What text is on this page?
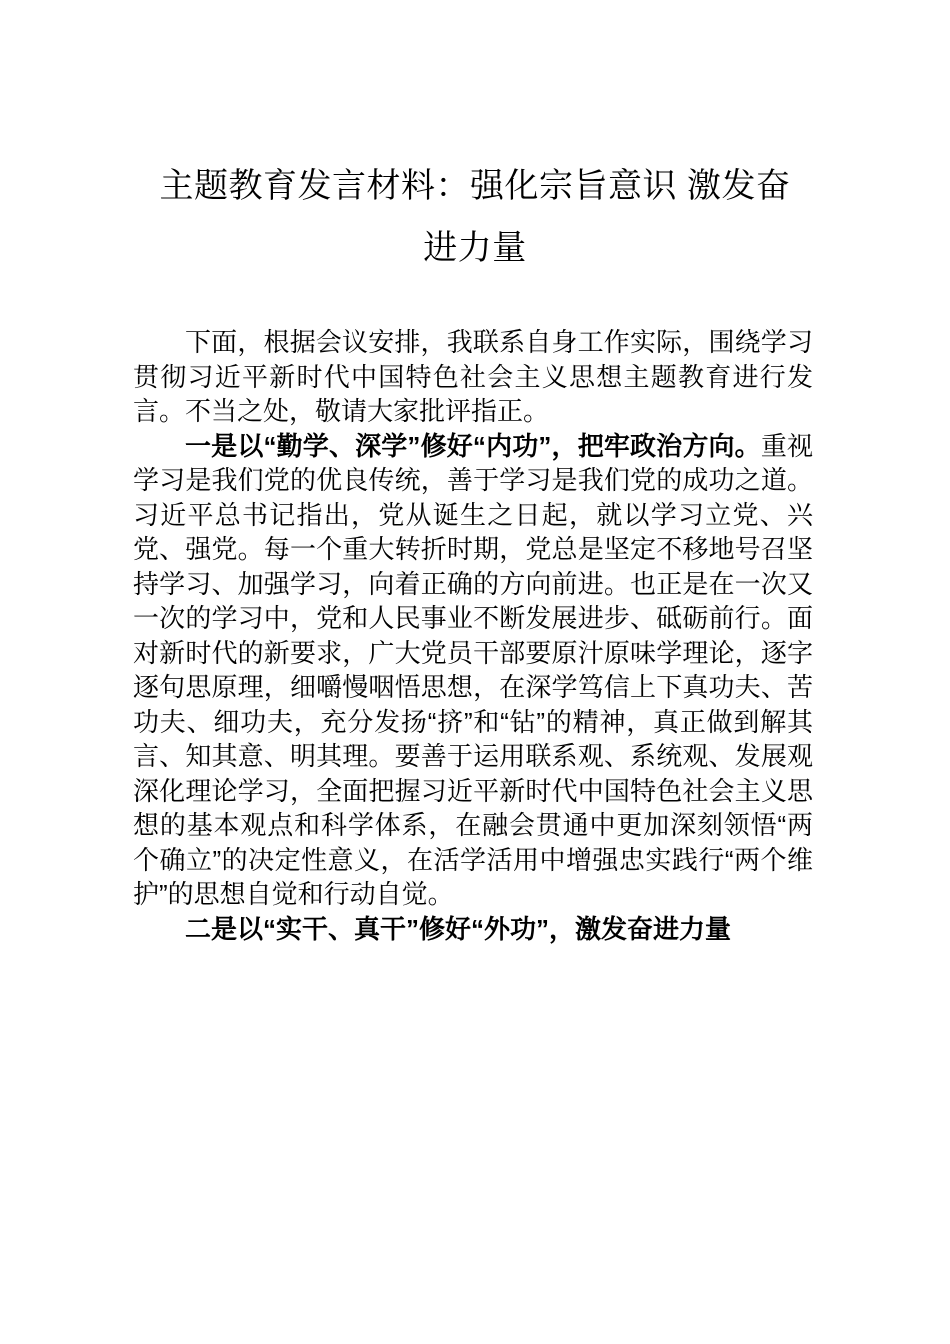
主题教育发言材料：强化宗旨意识 激发奋进力量

下面，根据会议安排，我联系自身工作实际，围绕学习贯彻习近平新时代中国特色社会主义思想主题教育进行发言。不当之处，敬请大家批评指正。

一是以“勤学、深学”修好“内功”，把牢政治方向。重视学习是我们党的优良传统，善于学习是我们党的成功之道。习近平总书记指出，党从诞生之日起，就以学习立党、兴党、强党。每一个重大转折时期，党总是坚定不移地号召坚持学习、加强学习，向着正确的方向前进。也正是在一次又一次的学习中，党和人民事业不断发展进步、砥砺前行。面对新时代的新要求，广大党员干部要原汁原味学理论，逐字逐句思原理，细嚼慢咽悟思想，在深学笃信上下真功夫、苦功夫、细功夫，充分发扬“挤”和“钻”的精神，真正做到解其言、知其意、明其理。要善于运用联系观、系统观、发展观深化理论学习，全面把握习近平新时代中国特色社会主义思想的基本观点和科学体系，在融会贯通中更加深刻领悟“两个确立”的决定性意义，在活学活用中增强忠实践行“两个维护”的思想自觉和行动自觉。

二是以“实干、真干”修好“外功”，激发奋进力量
